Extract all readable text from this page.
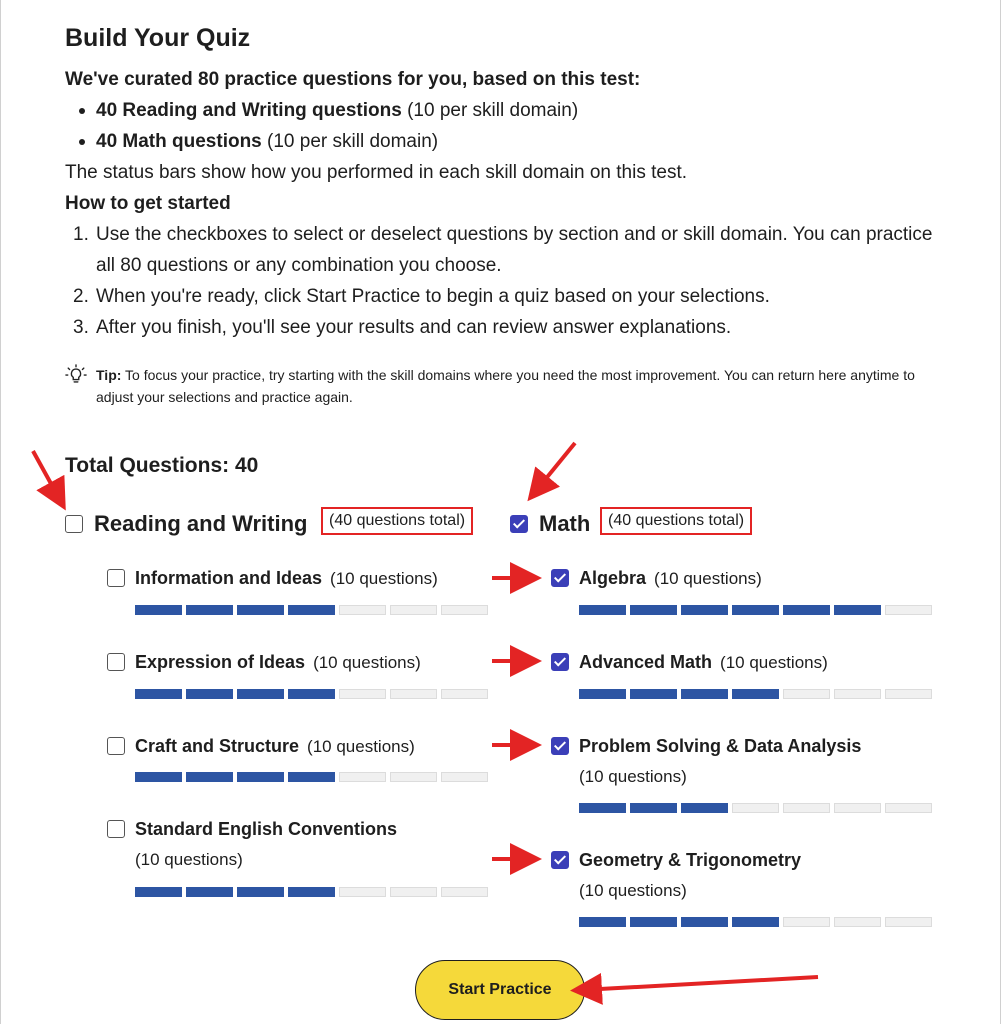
Build Your Quiz
We've curated 80 practice questions for you, based on this test:
40 Reading and Writing questions (10 per skill domain)
40 Math questions (10 per skill domain)
The status bars show how you performed in each skill domain on this test.
How to get started
1. Use the checkboxes to select or deselect questions by section and or skill domain. You can practice all 80 questions or any combination you choose.
2. When you're ready, click Start Practice to begin a quiz based on your selections.
3. After you finish, you'll see your results and can review answer explanations.
Tip: To focus your practice, try starting with the skill domains where you need the most improvement. You can return here anytime to adjust your selections and practice again.
Total Questions: 40
Reading and Writing	(40 questions total)	Math	(40 questions total)
Information and Ideas (10 questions)
Expression of Ideas (10 questions)
Craft and Structure (10 questions)
Standard English Conventions
(10 questions)
Algebra (10 questions)
Advanced Math (10 questions)
Problem Solving & Data Analysis
(10 questions)
Geometry & Trigonometry
(10 questions)
Start Practice
